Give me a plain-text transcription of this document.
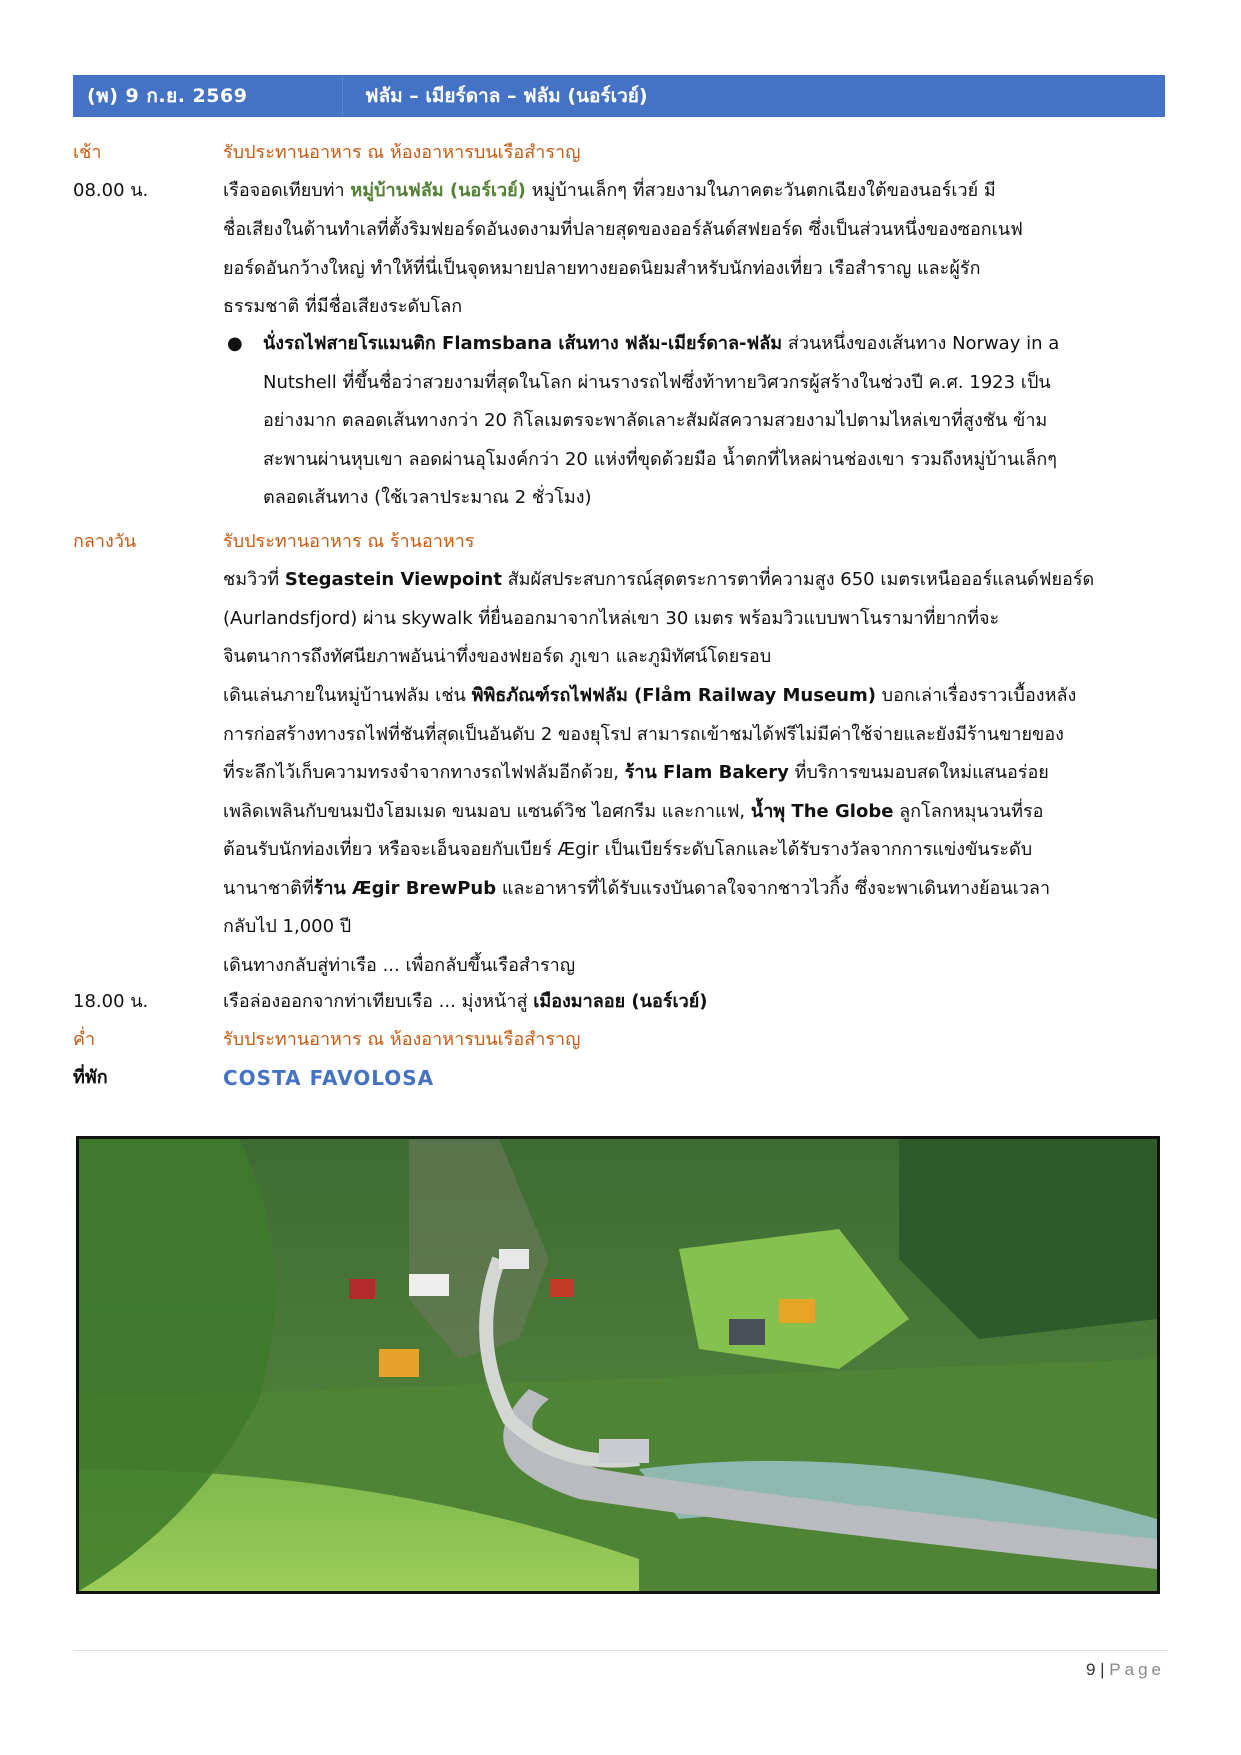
(พ) 9 ก.ย. 2569	ฟลัม – เมียร์ดาล – ฟลัม (นอร์เวย์)
เช้า	รับประทานอาหาร ณ ห้องอาหารบนเรือสำราญ
08.00 น.	เรือจอดเทียบท่า หมู่บ้านฟลัม (นอร์เวย์) หมู่บ้านเล็กๆ ที่สวยงามในภาคตะวันตกเฉียงใต้ของนอร์เวย์ มี
ชื่อเสียงในด้านทำเลที่ตั้งริมฟยอร์ดอันงดงามที่ปลายสุดของออร์ลันด์สฟยอร์ด ซึ่งเป็นส่วนหนึ่งของซอกเนฟ
ยอร์ดอันกว้างใหญ่ ทำให้ที่นี่เป็นจุดหมายปลายทางยอดนิยมสำหรับนักท่องเที่ยว เรือสำราญ และผู้รัก
ธรรมชาติ ที่มีชื่อเสียงระดับโลก
● นั่งรถไฟสายโรแมนติก Flamsbana เส้นทาง ฟลัม-เมียร์ดาล-ฟลัม ส่วนหนึ่งของเส้นทาง Norway in a
Nutshell ที่ขึ้นชื่อว่าสวยงามที่สุดในโลก ผ่านรางรถไฟซึ่งท้าทายวิศวกรผู้สร้างในช่วงปี ค.ศ. 1923 เป็น
อย่างมาก ตลอดเส้นทางกว่า 20 กิโลเมตรจะพาลัดเลาะสัมผัสความสวยงามไปตามไหล่เขาที่สูงชัน ข้าม
สะพานผ่านหุบเขา ลอดผ่านอุโมงค์กว่า 20 แห่งที่ขุดด้วยมือ น้ำตกที่ไหลผ่านช่องเขา รวมถึงหมู่บ้านเล็กๆ
ตลอดเส้นทาง (ใช้เวลาประมาณ 2 ชั่วโมง)
กลางวัน	รับประทานอาหาร ณ ร้านอาหาร
ชมวิวที่ Stegastein Viewpoint สัมผัสประสบการณ์สุดตระการตาที่ความสูง 650 เมตรเหนือออร์แลนด์ฟยอร์ด
(Aurlandsfjord) ผ่าน skywalk ที่ยื่นออกมาจากไหล่เขา 30 เมตร พร้อมวิวแบบพาโนรามาที่ยากที่จะ
จินตนาการถึงทัศนียภาพอันน่าทึ่งของฟยอร์ด ภูเขา และภูมิทัศน์โดยรอบ
เดินเล่นภายในหมู่บ้านฟลัม เช่น พิพิธภัณฑ์รถไฟฟลัม (Flåm Railway Museum) บอกเล่าเรื่องราวเบื้องหลัง
การก่อสร้างทางรถไฟที่ชันที่สุดเป็นอันดับ 2 ของยุโรป สามารถเข้าชมได้ฟรีไม่มีค่าใช้จ่ายและยังมีร้านขายของ
ที่ระลึกไว้เก็บความทรงจำจากทางรถไฟฟลัมอีกด้วย, ร้าน Flam Bakery ที่บริการขนมอบสดใหม่แสนอร่อย
เพลิดเพลินกับขนมปังโฮมเมด ขนมอบ แซนด์วิช ไอศกรีม และกาแฟ, น้ำพุ The Globe ลูกโลกหมุนวนที่รอ
ต้อนรับนักท่องเที่ยว หรือจะเอ็นจอยกับเบียร์ Ægir เป็นเบียร์ระดับโลกและได้รับรางวัลจากการแข่งขันระดับ
นานาชาติที่ร้าน Ægir BrewPub และอาหารที่ได้รับแรงบันดาลใจจากชาวไวกิ้ง ซึ่งจะพาเดินทางย้อนเวลา
กลับไป 1,000 ปี
เดินทางกลับสู่ท่าเรือ ... เพื่อกลับขึ้นเรือสำราญ
18.00 น.	เรือล่องออกจากท่าเทียบเรือ ... มุ่งหน้าสู่ เมืองมาลอย (นอร์เวย์)
ค่ำ	รับประทานอาหาร ณ ห้องอาหารบนเรือสำราญ
ที่พัก	COSTA FAVOLOSA
9 | Page
